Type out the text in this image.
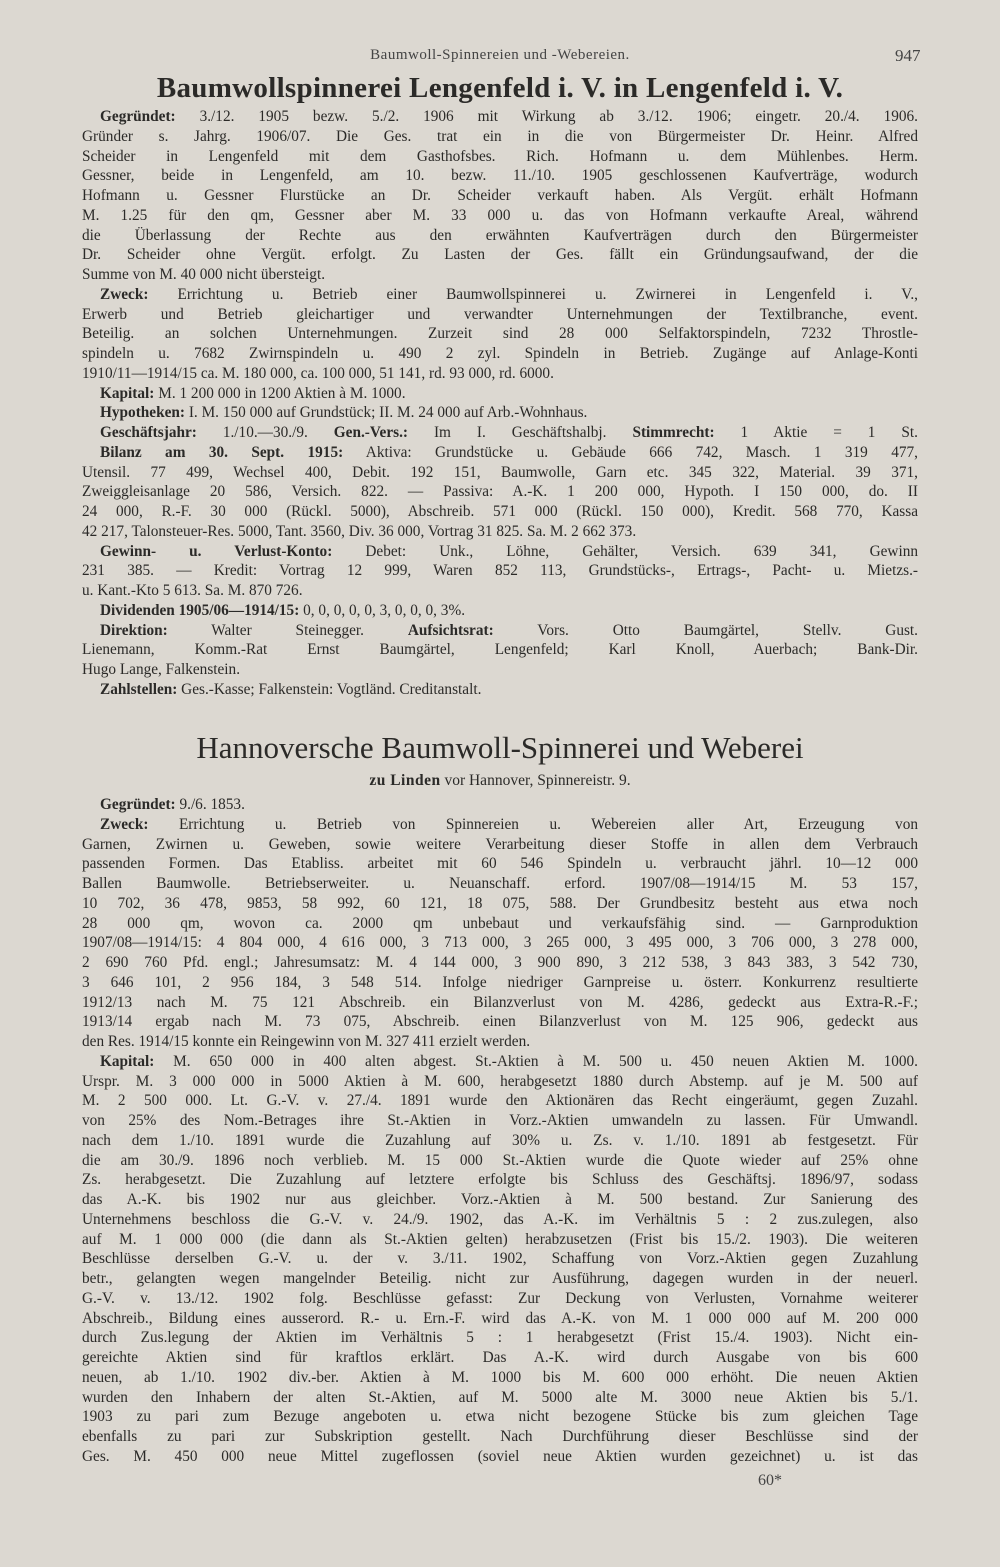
Baumwoll-Spinnereien und -Webereien.	947
Baumwollspinnerei Lengenfeld i. V. in Lengenfeld i. V.
Gegründet: 3./12. 1905 bezw. 5./2. 1906 mit Wirkung ab 3./12. 1906; eingetr. 20./4. 1906.
Gründer s. Jahrg. 1906/07. Die Ges. trat ein in die von Bürgermeister Dr. Heinr. Alfred
Scheider in Lengenfeld mit dem Gasthofsbes. Rich. Hofmann u. dem Mühlenbes. Herm.
Gessner, beide in Lengenfeld, am 10. bezw. 11./10. 1905 geschlossenen Kaufverträge, wodurch
Hofmann u. Gessner Flurstücke an Dr. Scheider verkauft haben. Als Vergüt. erhält Hofmann
M. 1.25 für den qm, Gessner aber M. 33 000 u. das von Hofmann verkaufte Areal, während
die Überlassung der Rechte aus den erwähnten Kaufverträgen durch den Bürgermeister
Dr. Scheider ohne Vergüt. erfolgt. Zu Lasten der Ges. fällt ein Gründungsaufwand, der die
Summe von M. 40 000 nicht übersteigt.
Zweck: Errichtung u. Betrieb einer Baumwollspinnerei u. Zwirnerei in Lengenfeld i. V.,
Erwerb und Betrieb gleichartiger und verwandter Unternehmungen der Textilbranche, event.
Beteilig. an solchen Unternehmungen. Zurzeit sind 28 000 Selfaktorspindeln, 7232 Throstle-
spindeln u. 7682 Zwirnspindeln u. 490 2 zyl. Spindeln in Betrieb. Zugänge auf Anlage-Konti
1910/11—1914/15 ca. M. 180 000, ca. 100 000, 51 141, rd. 93 000, rd. 6000.
Kapital: M. 1 200 000 in 1200 Aktien à M. 1000.
Hypotheken: I. M. 150 000 auf Grundstück; II. M. 24 000 auf Arb.-Wohnhaus.
Geschäftsjahr: 1./10.—30./9. Gen.-Vers.: Im I. Geschäftshalbj. Stimmrecht: 1 Aktie = 1 St.
Bilanz am 30. Sept. 1915: Aktiva: Grundstücke u. Gebäude 666 742, Masch. 1 319 477,
Utensil. 77 499, Wechsel 400, Debit. 192 151, Baumwolle, Garn etc. 345 322, Material. 39 371,
Zweiggleisanlage 20 586, Versich. 822. — Passiva: A.-K. 1 200 000, Hypoth. I 150 000, do. II
24 000, R.-F. 30 000 (Rückl. 5000), Abschreib. 571 000 (Rückl. 150 000), Kredit. 568 770, Kassa
42 217, Talonsteuer-Res. 5000, Tant. 3560, Div. 36 000, Vortrag 31 825. Sa. M. 2 662 373.
Gewinn- u. Verlust-Konto: Debet: Unk., Löhne, Gehälter, Versich. 639 341, Gewinn
231 385. — Kredit: Vortrag 12 999, Waren 852 113, Grundstücks-, Ertrags-, Pacht- u. Mietzs.-
u. Kant.-Kto 5 613. Sa. M. 870 726.
Dividenden 1905/06—1914/15: 0, 0, 0, 0, 0, 3, 0, 0, 0, 3%.
Direktion: Walter Steinegger. Aufsichtsrat: Vors. Otto Baumgärtel, Stellv. Gust.
Lienemann, Komm.-Rat Ernst Baumgärtel, Lengenfeld; Karl Knoll, Auerbach; Bank-Dir.
Hugo Lange, Falkenstein.
Zahlstellen: Ges.-Kasse; Falkenstein: Vogtländ. Creditanstalt.
Hannoversche Baumwoll-Spinnerei und Weberei
zu Linden vor Hannover, Spinnereistr. 9.
Gegründet: 9./6. 1853.
Zweck: Errichtung u. Betrieb von Spinnereien u. Webereien aller Art, Erzeugung von
Garnen, Zwirnen u. Geweben, sowie weitere Verarbeitung dieser Stoffe in allen dem Verbrauch
passenden Formen. Das Etabliss. arbeitet mit 60 546 Spindeln u. verbraucht jährl. 10—12 000
Ballen Baumwolle. Betriebserweiter. u. Neuanschaff. erford. 1907/08—1914/15 M. 53 157,
10 702, 36 478, 9853, 58 992, 60 121, 18 075, 588. Der Grundbesitz besteht aus etwa noch
28 000 qm, wovon ca. 2000 qm unbebaut und verkaufsfähig sind. — Garnproduktion
1907/08—1914/15: 4 804 000, 4 616 000, 3 713 000, 3 265 000, 3 495 000, 3 706 000, 3 278 000,
2 690 760 Pfd. engl.; Jahresumsatz: M. 4 144 000, 3 900 890, 3 212 538, 3 843 383, 3 542 730,
3 646 101, 2 956 184, 3 548 514. Infolge niedriger Garnpreise u. österr. Konkurrenz resultierte
1912/13 nach M. 75 121 Abschreib. ein Bilanzverlust von M. 4286, gedeckt aus Extra-R.-F.;
1913/14 ergab nach M. 73 075, Abschreib. einen Bilanzverlust von M. 125 906, gedeckt aus
den Res. 1914/15 konnte ein Reingewinn von M. 327 411 erzielt werden.
Kapital: M. 650 000 in 400 alten abgest. St.-Aktien à M. 500 u. 450 neuen Aktien M. 1000.
Urspr. M. 3 000 000 in 5000 Aktien à M. 600, herabgesetzt 1880 durch Abstemp. auf je M. 500 auf
M. 2 500 000. Lt. G.-V. v. 27./4. 1891 wurde den Aktionären das Recht eingeräumt, gegen Zuzahl.
von 25% des Nom.-Betrages ihre St.-Aktien in Vorz.-Aktien umwandeln zu lassen. Für Umwandl.
nach dem 1./10. 1891 wurde die Zuzahlung auf 30% u. Zs. v. 1./10. 1891 ab festgesetzt. Für
die am 30./9. 1896 noch verblieb. M. 15 000 St.-Aktien wurde die Quote wieder auf 25% ohne
Zs. herabgesetzt. Die Zuzahlung auf letztere erfolgte bis Schluss des Geschäftsj. 1896/97, sodass
das A.-K. bis 1902 nur aus gleichber. Vorz.-Aktien à M. 500 bestand. Zur Sanierung des
Unternehmens beschloss die G.-V. v. 24./9. 1902, das A.-K. im Verhältnis 5 : 2 zus.zulegen, also
auf M. 1 000 000 (die dann als St.-Aktien gelten) herabzusetzen (Frist bis 15./2. 1903). Die weiteren
Beschlüsse derselben G.-V. u. der v. 3./11. 1902, Schaffung von Vorz.-Aktien gegen Zuzahlung
betr., gelangten wegen mangelnder Beteilig. nicht zur Ausführung, dagegen wurden in der neuerl.
G.-V. v. 13./12. 1902 folg. Beschlüsse gefasst: Zur Deckung von Verlusten, Vornahme weiterer
Abschreib., Bildung eines ausserord. R.- u. Ern.-F. wird das A.-K. von M. 1 000 000 auf M. 200 000
durch Zus.legung der Aktien im Verhältnis 5 : 1 herabgesetzt (Frist 15./4. 1903). Nicht ein-
gereichte Aktien sind für kraftlos erklärt. Das A.-K. wird durch Ausgabe von bis 600
neuen, ab 1./10. 1902 div.-ber. Aktien à M. 1000 bis M. 600 000 erhöht. Die neuen Aktien
wurden den Inhabern der alten St.-Aktien, auf M. 5000 alte M. 3000 neue Aktien bis 5./1.
1903 zu pari zum Bezuge angeboten u. etwa nicht bezogene Stücke bis zum gleichen Tage
ebenfalls zu pari zur Subskription gestellt. Nach Durchführung dieser Beschlüsse sind der
Ges. M. 450 000 neue Mittel zugeflossen (soviel neue Aktien wurden gezeichnet) u. ist das
60*
